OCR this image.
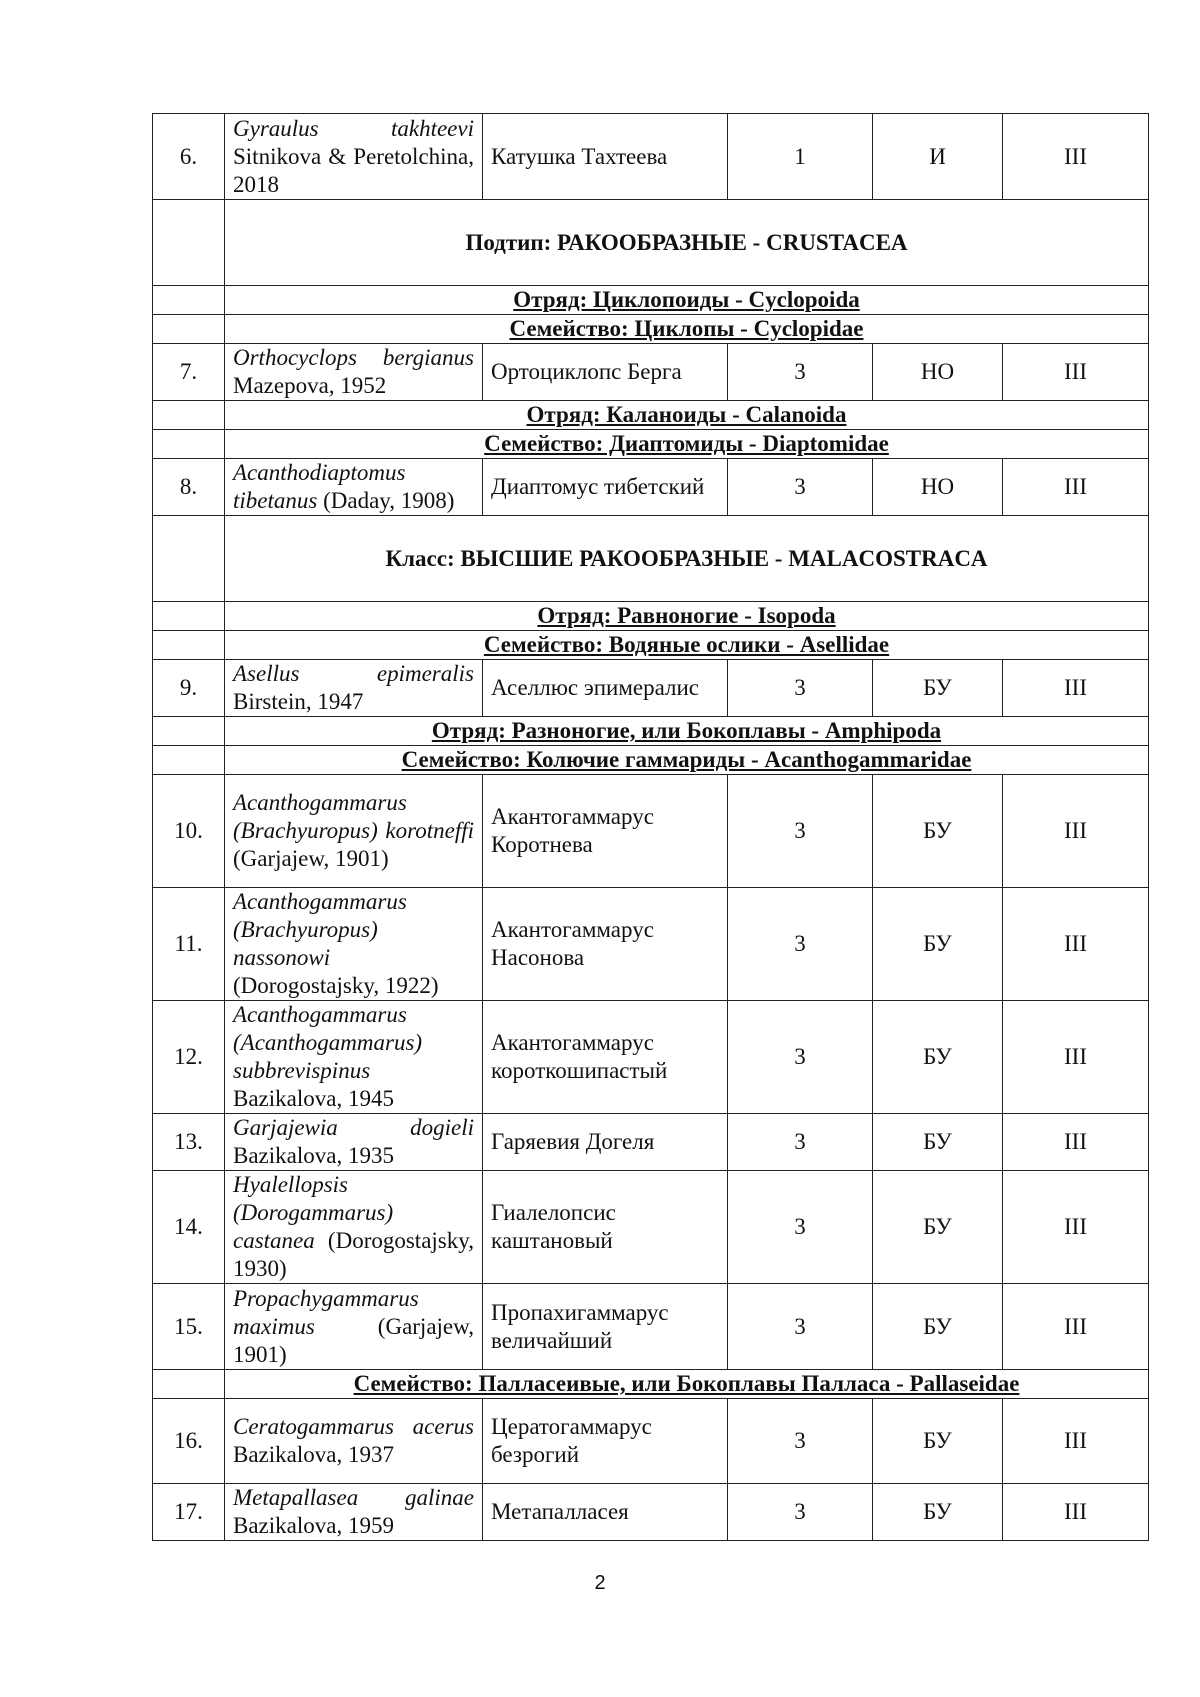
6.	Gyraulus takhteevi Sitnikova & Peretolchina, 2018	Катушка Тахтеева	1	И	III
	Подтип: РАКООБРАЗНЫЕ - CRUSTACEA				
	Отряд: Циклопоиды - Cyclopoida				
	Семейство: Циклопы - Cyclopidae				
7.	Orthocyclops bergianus Mazepova, 1952	Ортоциклопс Берга	3	НО	III
	Отряд: Каланоиды - Calanoida				
	Семейство: Диаптомиды - Diaptomidae				
8.	Acanthodiaptomus tibetanus (Daday, 1908)	Диаптомус тибетский	3	НО	III
	Класс: ВЫСШИЕ РАКООБРАЗНЫЕ - MALACOSTRACA				
	Отряд: Равноногие - Isopoda				
	Семейство: Водяные ослики - Asellidae				
9.	Asellus epimeralis Birstein, 1947	Аселлюс эпимералис	3	БУ	III
	Отряд: Разноногие, или Бокоплавы - Amphipoda				
	Семейство: Колючие гаммариды - Acanthogammaridae				
10.	Acanthogammarus (Brachyuropus) korotneffi (Garjajew, 1901)	Акантогаммарус Коротнева	3	БУ	III
11.	Acanthogammarus (Brachyuropus) nassonowi (Dorogostajsky, 1922)	Акантогаммарус Насонова	3	БУ	III
12.	Acanthogammarus (Acanthogammarus) subbrevispinus Bazikalova, 1945	Акантогаммарус короткошипастый	3	БУ	III
13.	Garjajewia dogieli Bazikalova, 1935	Гаряевия Догеля	3	БУ	III
14.	Hyalellopsis (Dorogammarus) castanea (Dorogostajsky, 1930)	Гиалелопсис каштановый	3	БУ	III
15.	Propachygammarus maximus (Garjajew, 1901)	Пропахигаммарус величайший	3	БУ	III
	Семейство: Палласеивые, или Бокоплавы Палласа - Pallaseidae				
16.	Ceratogammarus acerus Bazikalova, 1937	Цератогаммарус безрогий	3	БУ	III
17.	Metapallasea galinae Bazikalova, 1959	Метапалласея	3	БУ	III
2
